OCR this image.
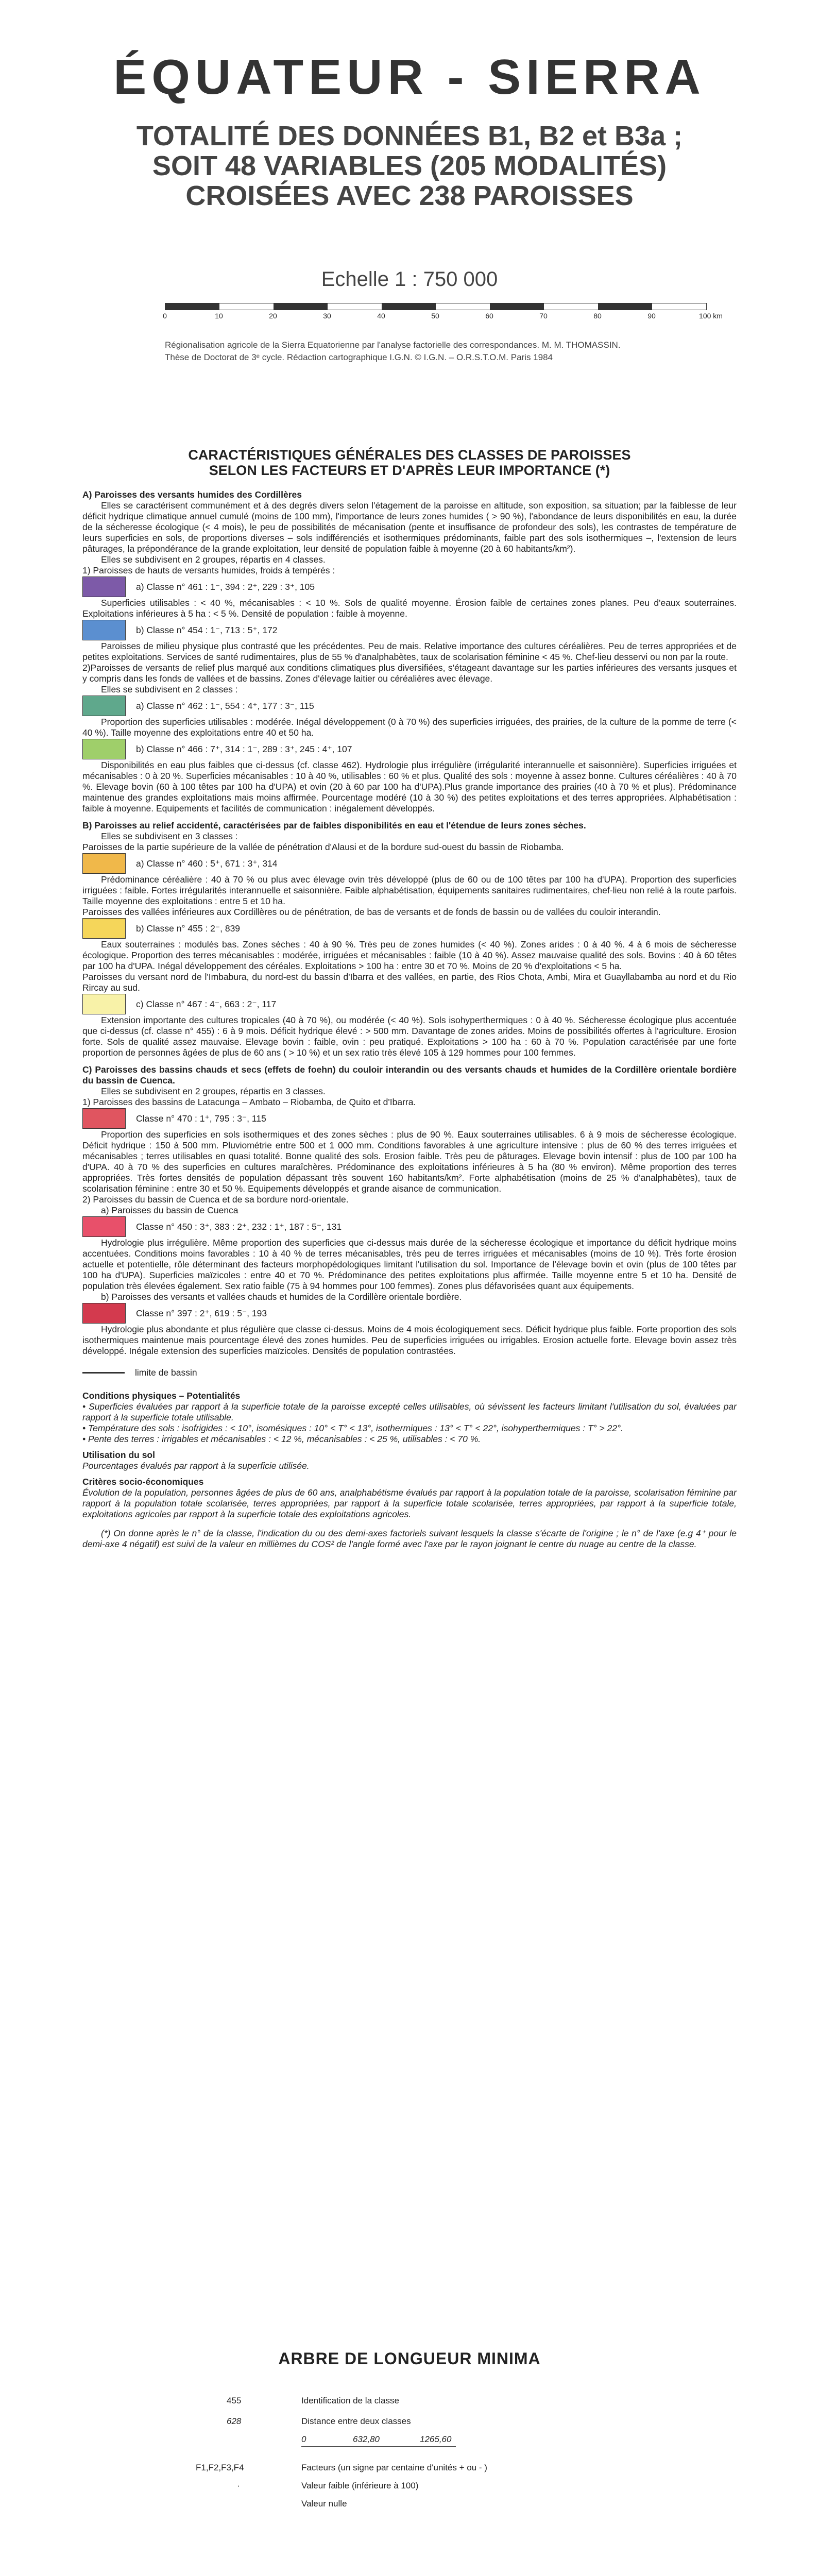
ÉQUATEUR - SIERRA
TOTALITÉ DES DONNÉES B1, B2 et B3a ;
SOIT 48 VARIABLES (205 MODALITÉS)
CROISÉES AVEC 238 PAROISSES
Echelle 1 : 750 000
0	10	20	30	40	50	60	70	80	90	100 km
Régionalisation agricole de la Sierra Equatorienne par l'analyse factorielle des correspondances. M. M. THOMASSIN.
Thèse de Doctorat de 3ᵉ cycle. Rédaction cartographique I.G.N. © I.G.N. – O.R.S.T.O.M. Paris 1984
CARACTÉRISTIQUES GÉNÉRALES DES CLASSES DE PAROISSES
SELON LES FACTEURS ET D'APRÈS LEUR IMPORTANCE (*)

A) Paroisses des versants humides des Cordillères

Elles se caractérisent communément et à des degrés divers selon l'étagement de la paroisse en altitude, son exposition, sa situation; par la faiblesse de leur déficit hydrique climatique annuel cumulé (moins de 100 mm), l'importance de leurs zones humides ( > 90 %), l'abondance de leurs disponibilités en eau, la durée de la sécheresse écologique (< 4 mois), le peu de possibilités de mécanisation (pente et insuffisance de profondeur des sols), les contrastes de température de leurs superficies en sols, de proportions diverses – sols indifférenciés et isothermiques prédominants, faible part des sols isothermiques –, l'extension de leurs pâturages, la prépondérance de la grande exploitation, leur densité de population faible à moyenne (20 à 60 habitants/km²).

Elles se subdivisent en 2 groupes, répartis en 4 classes.

1) Paroisses de hauts de versants humides, froids à tempérés :

a) Classe n° 461 : 1⁻, 394 : 2⁺, 229 : 3⁺, 105

Superficies utilisables : < 40 %, mécanisables : < 10 %. Sols de qualité moyenne. Érosion faible de certaines zones planes. Peu d'eaux souterraines. Exploitations inférieures à 5 ha : < 5 %. Densité de population : faible à moyenne.

b) Classe n° 454 : 1⁻, 713 : 5⁺, 172

Paroisses de milieu physique plus contrasté que les précédentes. Peu de mais. Relative importance des cultures céréalières. Peu de terres appropriées et de petites exploitations. Services de santé rudimentaires, plus de 55 % d'analphabètes, taux de scolarisation féminine < 45 %. Chef-lieu desservi ou non par la route.

2)Paroisses de versants de relief plus marqué aux conditions climatiques plus diversifiées, s'étageant davantage sur les parties inférieures des versants jusques et y compris dans les fonds de vallées et de bassins. Zones d'élevage laitier ou céréalières avec élevage.

Elles se subdivisent en 2 classes :

a) Classe n° 462 : 1⁻, 554 : 4⁺, 177 : 3⁻, 115

Proportion des superficies utilisables : modérée. Inégal développement (0 à 70 %) des superficies irriguées, des prairies, de la culture de la pomme de terre (< 40 %). Taille moyenne des exploitations entre 40 et 50 ha.

b) Classe n° 466 : 7⁺, 314 : 1⁻, 289 : 3⁺, 245 : 4⁺, 107

Disponibilités en eau plus faibles que ci-dessus (cf. classe 462). Hydrologie plus irrégulière (irrégularité interannuelle et saisonnière). Superficies irriguées et mécanisables : 0 à 20 %. Superficies mécanisables : 10 à 40 %, utilisables : 60 % et plus. Qualité des sols : moyenne à assez bonne. Cultures céréalières : 40 à 70 %. Elevage bovin (60 à 100 têtes par 100 ha d'UPA) et ovin (20 à 60 par 100 ha d'UPA).Plus grande importance des prairies (40 à 70 % et plus). Prédominance maintenue des grandes exploitations mais moins affirmée. Pourcentage modéré (10 à 30 %) des petites exploitations et des terres appropriées. Alphabétisation : faible à moyenne. Equipements et facilités de communication : inégalement développés.

B) Paroisses au relief accidenté, caractérisées par de faibles disponibilités en eau et l'étendue de leurs zones sèches.

Elles se subdivisent en 3 classes :

Paroisses de la partie supérieure de la vallée de pénétration d'Alausi et de la bordure sud-ouest du bassin de Riobamba.

a) Classe n° 460 : 5⁺, 671 : 3⁺, 314

Prédominance céréalière : 40 à 70 % ou plus avec élevage ovin très développé (plus de 60 ou de 100 têtes par 100 ha d'UPA). Proportion des superficies irriguées : faible. Fortes irrégularités interannuelle et saisonnière. Faible alphabétisation, équipements sanitaires rudimentaires, chef-lieu non relié à la route parfois. Taille moyenne des exploitations : entre 5 et 10 ha.

Paroisses des vallées inférieures aux Cordillères ou de pénétration, de bas de versants et de fonds de bassin ou de vallées du couloir interandin.

b) Classe n° 455 : 2⁻, 839

Eaux souterraines : modulés bas. Zones sèches : 40 à 90 %. Très peu de zones humides (< 40 %). Zones arides : 0 à 40 %. 4 à 6 mois de sécheresse écologique. Proportion des terres mécanisables : modérée, irriguées et mécanisables : faible (10 à 40 %). Assez mauvaise qualité des sols. Bovins : 40 à 60 têtes par 100 ha d'UPA. Inégal développement des céréales. Exploitations > 100 ha : entre 30 et 70 %. Moins de 20 % d'exploitations < 5 ha.

Paroisses du versant nord de l'Imbabura, du nord-est du bassin d'Ibarra et des vallées, en partie, des Rios Chota, Ambi, Mira et Guayllabamba au nord et du Rio Rircay au sud.

c) Classe n° 467 : 4⁻, 663 : 2⁻, 117

Extension importante des cultures tropicales (40 à 70 %), ou modérée (< 40 %). Sols isohyperthermiques : 0 à 40 %. Sécheresse écologique plus accentuée que ci-dessus (cf. classe n° 455) : 6 à 9 mois. Déficit hydrique élevé : > 500 mm. Davantage de zones arides. Moins de possibilités offertes à l'agriculture. Erosion forte. Sols de qualité assez mauvaise. Elevage bovin : faible, ovin : peu pratiqué. Exploitations > 100 ha : 60 à 70 %. Population caractérisée par une forte proportion de personnes âgées de plus de 60 ans ( > 10 %) et un sex ratio très élevé 105 à 129 hommes pour 100 femmes.

C) Paroisses des bassins chauds et secs (effets de foehn) du couloir interandin ou des versants chauds et humides de la Cordillère orientale bordière du bassin de Cuenca.

Elles se subdivisent en 2 groupes, répartis en 3 classes.

1) Paroisses des bassins de Latacunga – Ambato – Riobamba, de Quito et d'Ibarra.

Classe n° 470 : 1⁺, 795 : 3⁻, 115

Proportion des superficies en sols isothermiques et des zones sèches : plus de 90 %. Eaux souterraines utilisables. 6 à 9 mois de sécheresse écologique. Déficit hydrique : 150 à 500 mm. Pluviométrie entre 500 et 1 000 mm. Conditions favorables à une agriculture intensive : plus de 60 % des terres irriguées et mécanisables ; terres utilisables en quasi totalité. Bonne qualité des sols. Erosion faible. Très peu de pâturages. Elevage bovin intensif : plus de 100 par 100 ha d'UPA. 40 à 70 % des superficies en cultures maraîchères. Prédominance des exploitations inférieures à 5 ha (80 % environ). Même proportion des terres appropriées. Très fortes densités de population dépassant très souvent 160 habitants/km². Forte alphabétisation (moins de 25 % d'analphabètes), taux de scolarisation féminine : entre 30 et 50 %. Equipements développés et grande aisance de communication.

2) Paroisses du bassin de Cuenca et de sa bordure nord-orientale.

a) Paroisses du bassin de Cuenca

Classe n° 450 : 3⁺, 383 : 2⁺, 232 : 1⁺, 187 : 5⁻, 131

Hydrologie plus irrégulière. Même proportion des superficies que ci-dessus mais durée de la sécheresse écologique et importance du déficit hydrique moins accentuées. Conditions moins favorables : 10 à 40 % de terres mécanisables, très peu de terres irriguées et mécanisables (moins de 10 %). Très forte érosion actuelle et potentielle, rôle déterminant des facteurs morphopédologiques limitant l'utilisation du sol. Importance de l'élevage bovin et ovin (plus de 100 têtes par 100 ha d'UPA). Superficies maïzicoles : entre 40 et 70 %. Prédominance des petites exploitations plus affirmée. Taille moyenne entre 5 et 10 ha. Densité de population très élevées également. Sex ratio faible (75 à 94 hommes pour 100 femmes). Zones plus défavorisées quant aux équipements.

b) Paroisses des versants et vallées chauds et humides de la Cordillère orientale bordière.

Classe n° 397 : 2⁺, 619 : 5⁻, 193

Hydrologie plus abondante et plus régulière que classe ci-dessus. Moins de 4 mois écologiquement secs. Déficit hydrique plus faible. Forte proportion des sols isothermiques maintenue mais pourcentage élevé des zones humides. Peu de superficies irriguées ou irrigables. Erosion actuelle forte. Elevage bovin assez très développé. Inégale extension des superficies maïzicoles. Densités de population contrastées.

limite de bassin

Conditions physiques – Potentialités

• Superficies évaluées par rapport à la superficie totale de la paroisse excepté celles utilisables, où sévissent les facteurs limitant l'utilisation du sol, évaluées par rapport à la superficie totale utilisable.

• Température des sols : isofrigides : < 10°, isomésiques : 10° < T° < 13°, isothermiques : 13° < T° < 22°, isohyperthermiques : T° > 22°.

• Pente des terres : irrigables et mécanisables : < 12 %, mécanisables : < 25 %, utilisables : < 70 %.

Utilisation du sol

Pourcentages évalués par rapport à la superficie utilisée.

Critères socio-économiques

Évolution de la population, personnes âgées de plus de 60 ans, analphabétisme évalués par rapport à la population totale de la paroisse, scolarisation féminine par rapport à la population totale scolarisée, terres appropriées, par rapport à la superficie totale scolarisée, terres appropriées, par rapport à la superficie totale, exploitations agricoles par rapport à la superficie totale des exploitations agricoles.

(*) On donne après le n° de la classe, l'indication du ou des demi-axes factoriels suivant lesquels la classe s'écarte de l'origine ; le n° de l'axe (e.g 4⁺ pour le demi-axe 4 négatif) est suivi de la valeur en millièmes du COS² de l'angle formé avec l'axe par le rayon joignant le centre du nuage au centre de la classe.

ARBRE DE LONGUEUR MINIMA
455	Identification de la classe
628	Distance entre deux classes
0	632,80	1265,60
F1,F2,F3,F4	Facteurs (un signe par centaine d'unités + ou - )
·	Valeur faible (inférieure à 100)
Valeur nulle
